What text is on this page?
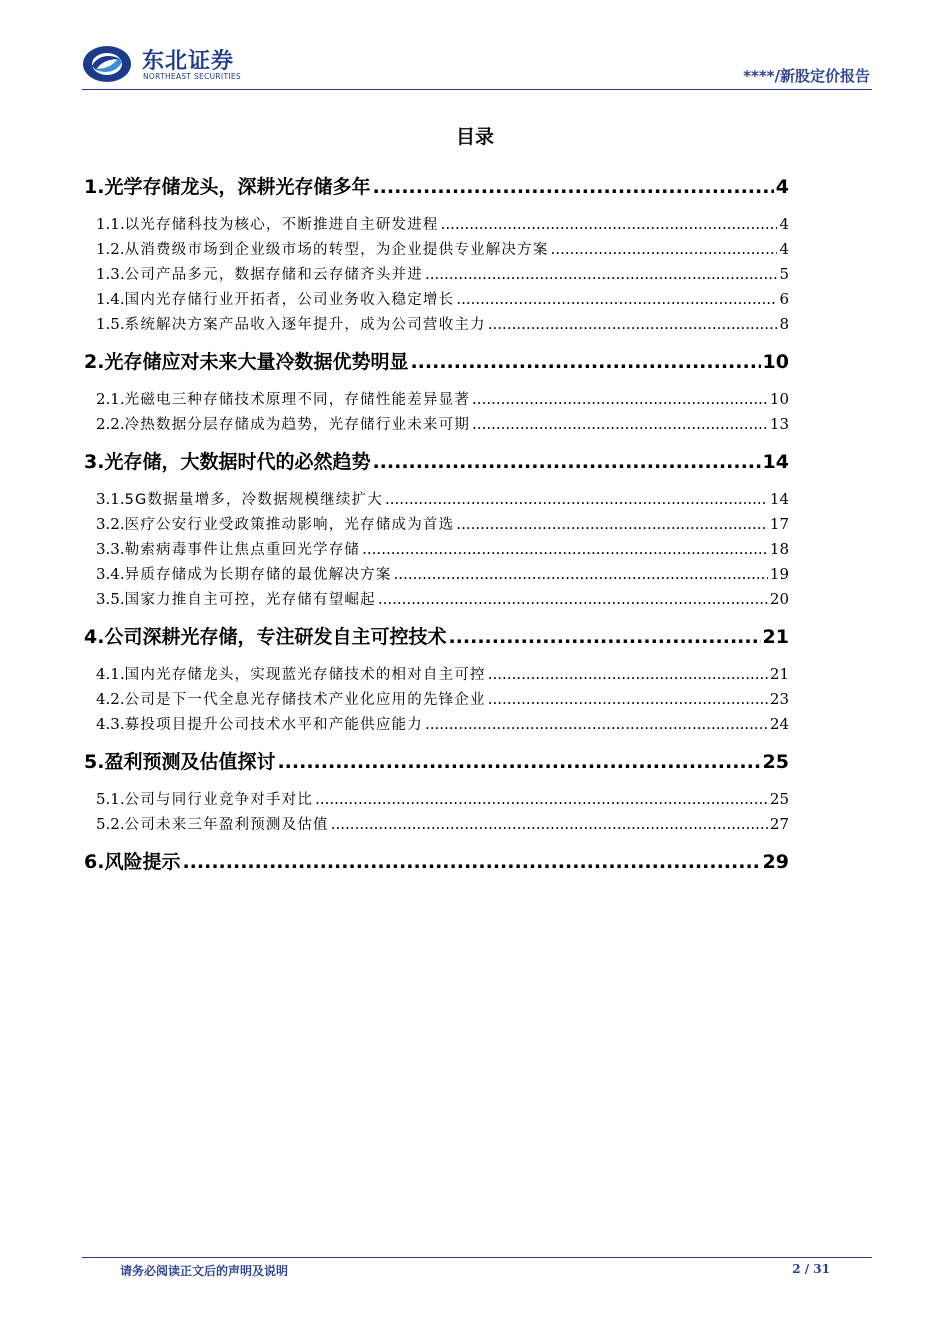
东北证券
NORTHEAST SECURITIES	****/新股定价报告
目录
1. 光学存储龙头，深耕光存储多年 .....	4
1.1. 以光存储科技为核心，不断推进自主研发进程 .....	4
1.2. 从消费级市场到企业级市场的转型，为企业提供专业解决方案 .....	4
1.3. 公司产品多元，数据存储和云存储齐头并进 .....	5
1.4. 国内光存储行业开拓者，公司业务收入稳定增长 .....	6
1.5. 系统解决方案产品收入逐年提升，成为公司营收主力 .....	8
2. 光存储应对未来大量冷数据优势明显 .....	10
2.1. 光磁电三种存储技术原理不同，存储性能差异显著 .....	10
2.2. 冷热数据分层存储成为趋势，光存储行业未来可期 .....	13
3. 光存储，大数据时代的必然趋势 .....	14
3.1. 5G数据量增多，冷数据规模继续扩大 .....	14
3.2. 医疗公安行业受政策推动影响，光存储成为首选 .....	17
3.3. 勒索病毒事件让焦点重回光学存储 .....	18
3.4. 异质存储成为长期存储的最优解决方案 .....	19
3.5. 国家力推自主可控，光存储有望崛起 .....	20
4. 公司深耕光存储，专注研发自主可控技术 .....	21
4.1. 国内光存储龙头，实现蓝光存储技术的相对自主可控 .....	21
4.2. 公司是下一代全息光存储技术产业化应用的先锋企业 .....	23
4.3. 募投项目提升公司技术水平和产能供应能力 .....	24
5. 盈利预测及估值探讨 .....	25
5.1. 公司与同行业竞争对手对比 .....	25
5.2. 公司未来三年盈利预测及估值 .....	27
6. 风险提示 .....	29
请务必阅读正文后的声明及说明	2 / 31
